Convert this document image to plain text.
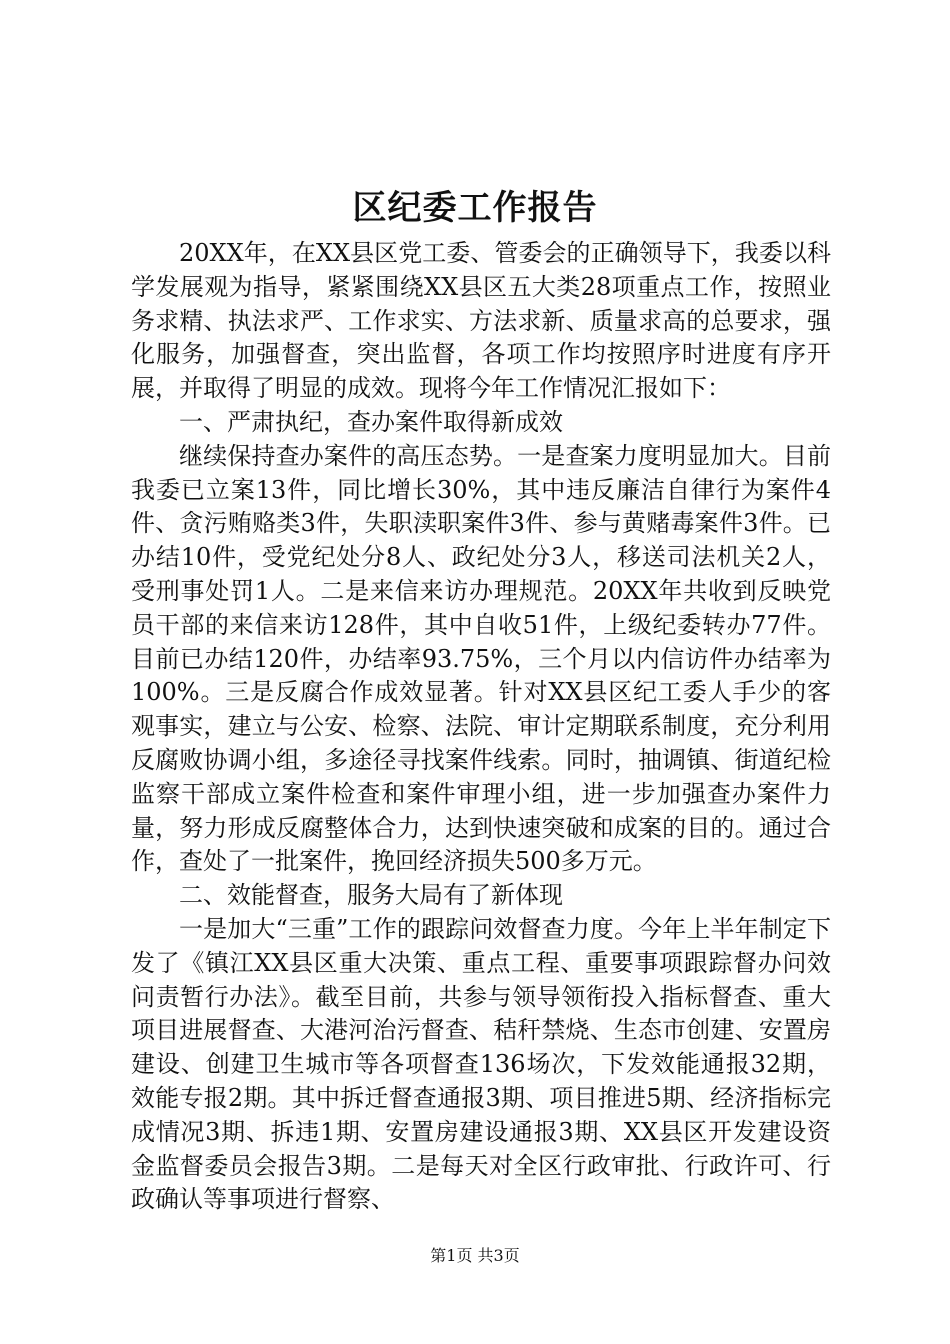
区纪委工作报告

20XX年，在XX县区党工委、管委会的正确领导下，我委以科学发展观为指导，紧紧围绕XX县区五大类28项重点工作，按照业务求精、执法求严、工作求实、方法求新、质量求高的总要求，强化服务，加强督查，突出监督，各项工作均按照序时进度有序开展，并取得了明显的成效。现将今年工作情况汇报如下：

一、严肃执纪，查办案件取得新成效

继续保持查办案件的高压态势。一是查案力度明显加大。目前我委已立案13件，同比增长30%，其中违反廉洁自律行为案件4件、贪污贿赂类3件，失职渎职案件3件、参与黄赌毒案件3件。已办结10件，受党纪处分8人、政纪处分3人，移送司法机关2人，受刑事处罚1人。二是来信来访办理规范。20XX年共收到反映党员干部的来信来访128件，其中自收51件，上级纪委转办77件。目前已办结120件，办结率93.75%，三个月以内信访件办结率为100%。三是反腐合作成效显著。针对XX县区纪工委人手少的客观事实，建立与公安、检察、法院、审计定期联系制度，充分利用反腐败协调小组，多途径寻找案件线索。同时，抽调镇、街道纪检监察干部成立案件检查和案件审理小组，进一步加强查办案件力量，努力形成反腐整体合力，达到快速突破和成案的目的。通过合作，查处了一批案件，挽回经济损失500多万元。

二、效能督查，服务大局有了新体现

一是加大“三重”工作的跟踪问效督查力度。今年上半年制定下发了《镇江XX县区重大决策、重点工程、重要事项跟踪督办问效问责暂行办法》。截至目前，共参与领导领衔投入指标督查、重大项目进展督查、大港河治污督查、秸秆禁烧、生态市创建、安置房建设、创建卫生城市等各项督查136场次，下发效能通报32期，效能专报2期。其中拆迁督查通报3期、项目推进5期、经济指标完成情况3期、拆违1期、安置房建设通报3期、XX县区开发建设资金监督委员会报告3期。二是每天对全区行政审批、行政许可、行政确认等事项进行督察、

第1页 共3页
